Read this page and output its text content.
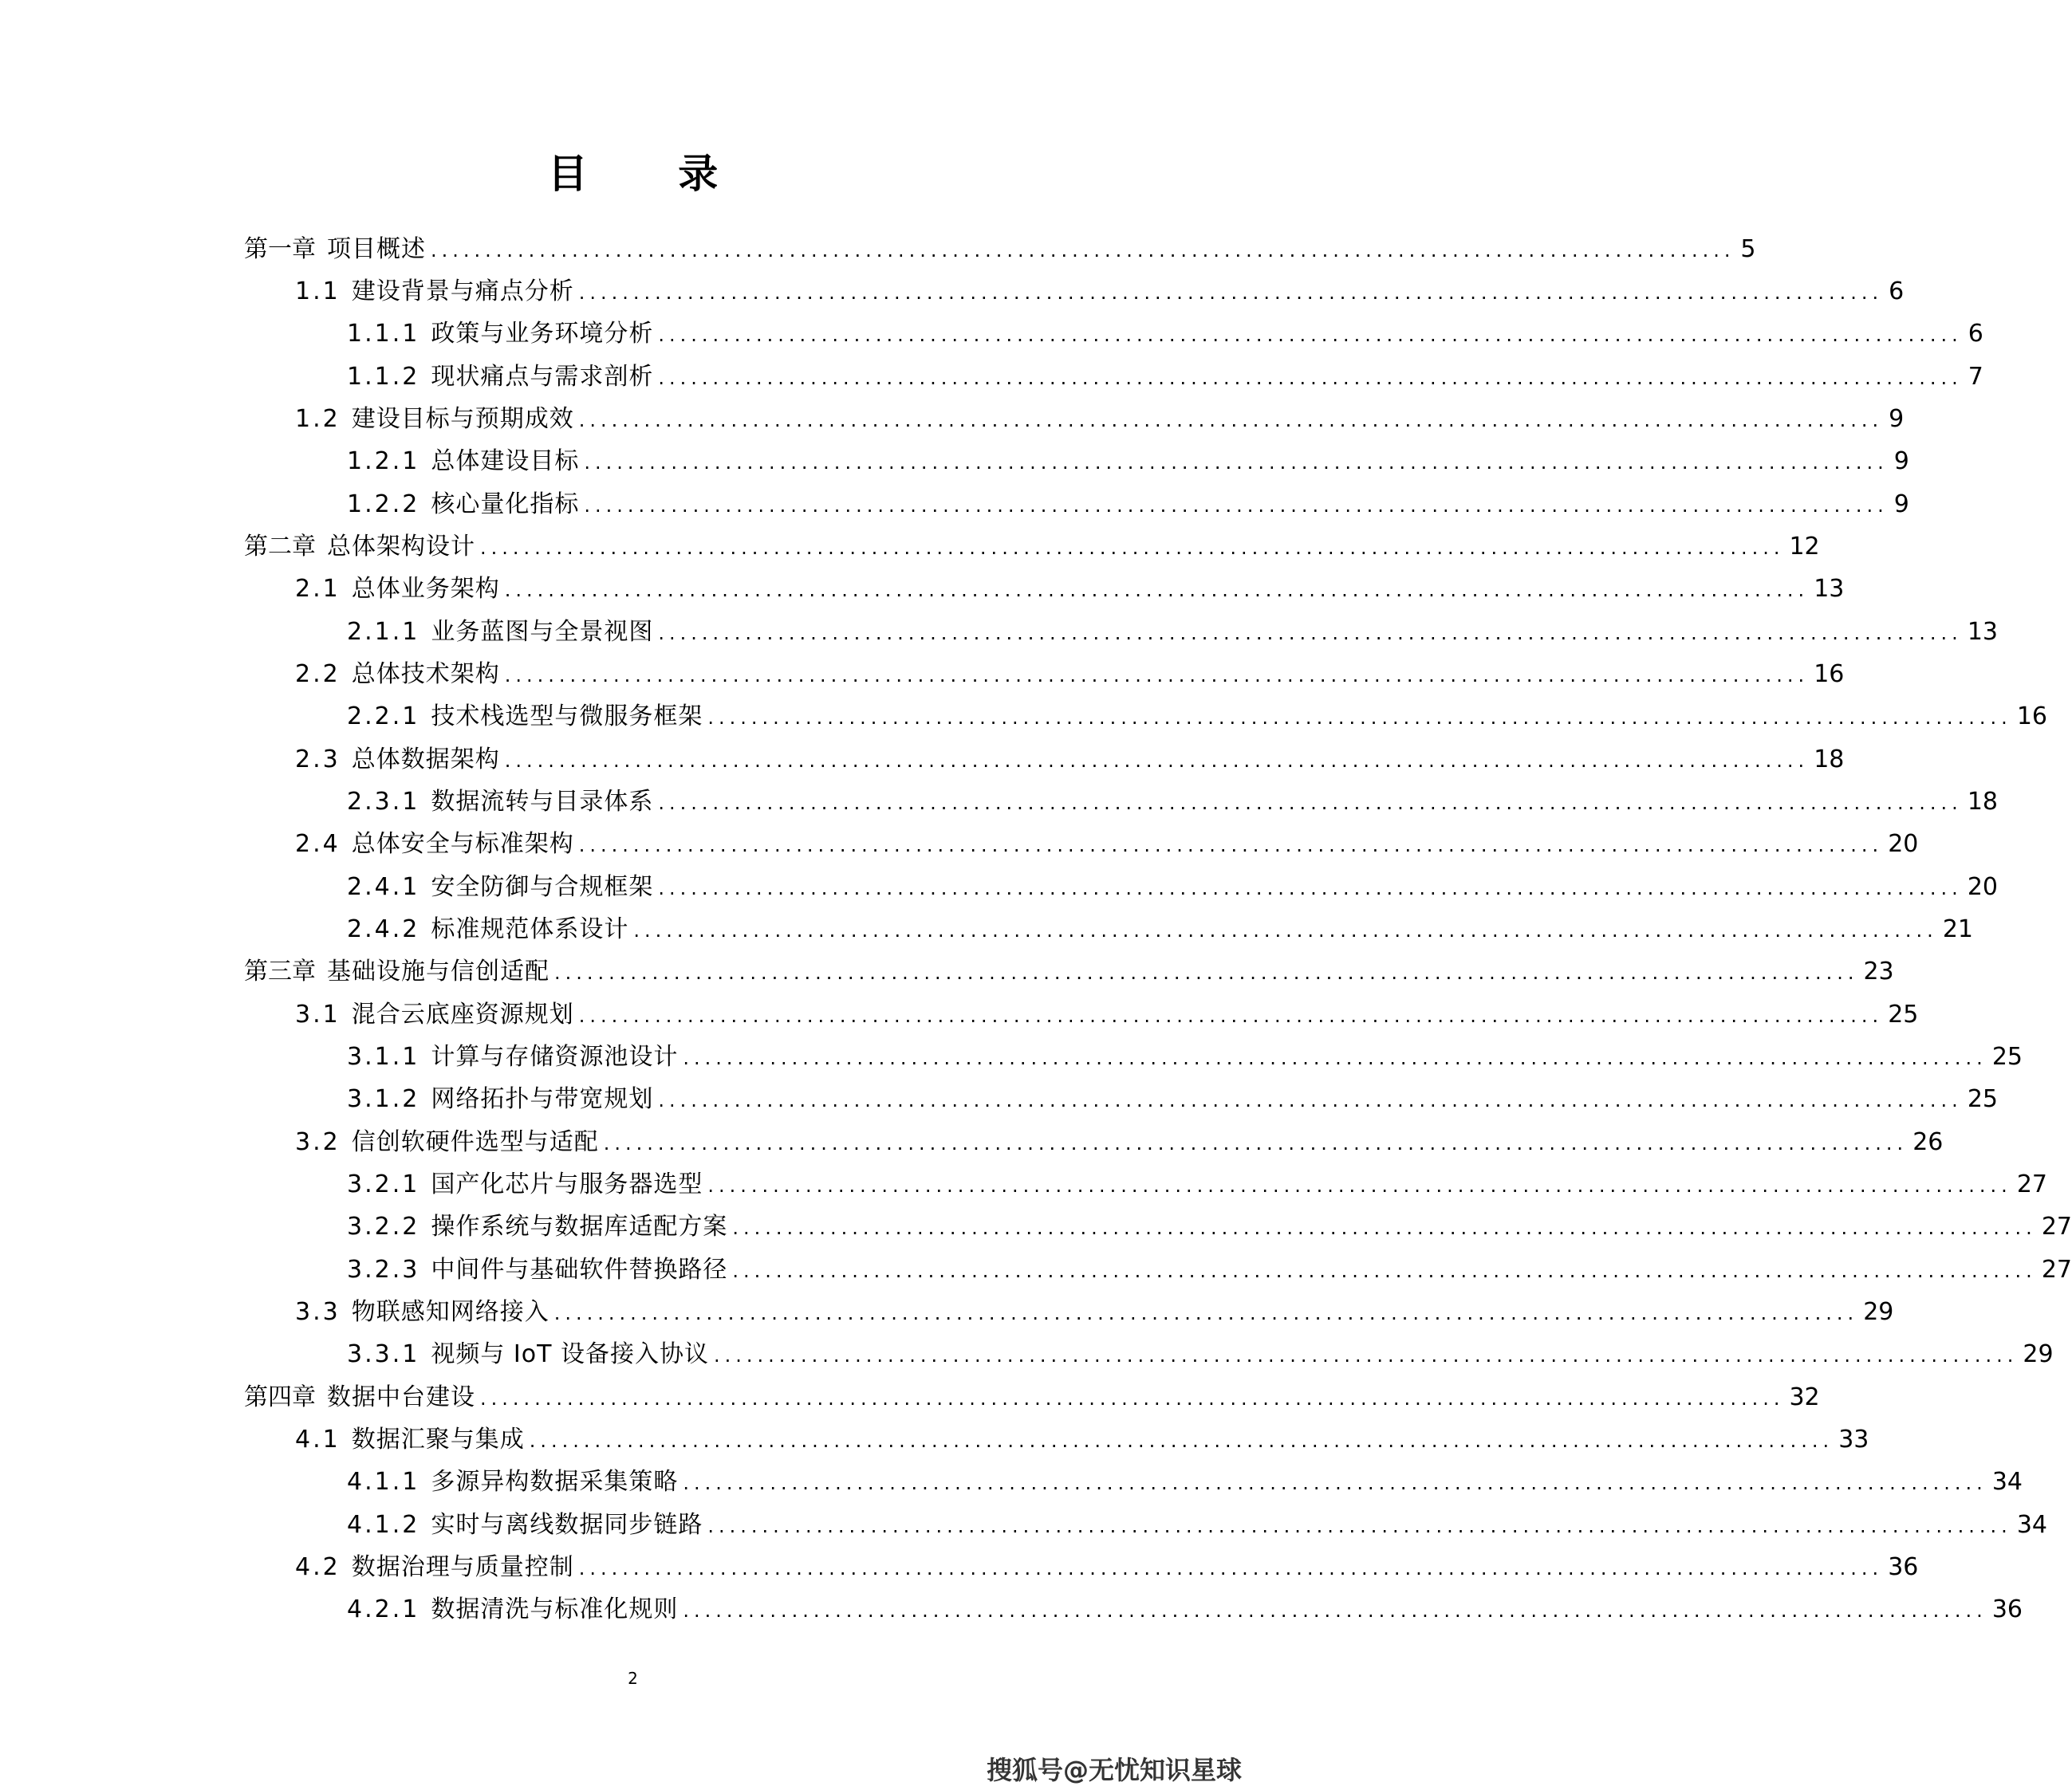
目 录
第一章 项目概述 ........................................................................................................................ 5
1.1 建设背景与痛点分析 ........................................................................................................................ 6
1.1.1 政策与业务环境分析 ........................................................................................................................ 6
1.1.2 现状痛点与需求剖析 ........................................................................................................................ 7
1.2 建设目标与预期成效 ........................................................................................................................ 9
1.2.1 总体建设目标 ........................................................................................................................ 9
1.2.2 核心量化指标 ........................................................................................................................ 9
第二章 总体架构设计 ........................................................................................................................ 12
2.1 总体业务架构 ........................................................................................................................ 13
2.1.1 业务蓝图与全景视图 ........................................................................................................................ 13
2.2 总体技术架构 ........................................................................................................................ 16
2.2.1 技术栈选型与微服务框架 ........................................................................................................................ 16
2.3 总体数据架构 ........................................................................................................................ 18
2.3.1 数据流转与目录体系 ........................................................................................................................ 18
2.4 总体安全与标准架构 ........................................................................................................................ 20
2.4.1 安全防御与合规框架 ........................................................................................................................ 20
2.4.2 标准规范体系设计 ........................................................................................................................ 21
第三章 基础设施与信创适配 ........................................................................................................................ 23
3.1 混合云底座资源规划 ........................................................................................................................ 25
3.1.1 计算与存储资源池设计 ........................................................................................................................ 25
3.1.2 网络拓扑与带宽规划 ........................................................................................................................ 25
3.2 信创软硬件选型与适配 ........................................................................................................................ 26
3.2.1 国产化芯片与服务器选型 ........................................................................................................................ 27
3.2.2 操作系统与数据库适配方案 ........................................................................................................................ 27
3.2.3 中间件与基础软件替换路径 ........................................................................................................................ 27
3.3 物联感知网络接入 ........................................................................................................................ 29
3.3.1 视频与 IoT 设备接入协议 ........................................................................................................................ 29
第四章 数据中台建设 ........................................................................................................................ 32
4.1 数据汇聚与集成 ........................................................................................................................ 33
4.1.1 多源异构数据采集策略 ........................................................................................................................ 34
4.1.2 实时与离线数据同步链路 ........................................................................................................................ 34
4.2 数据治理与质量控制 ........................................................................................................................ 36
4.2.1 数据清洗与标准化规则 ........................................................................................................................ 36
2
搜狐号@无忧知识星球
